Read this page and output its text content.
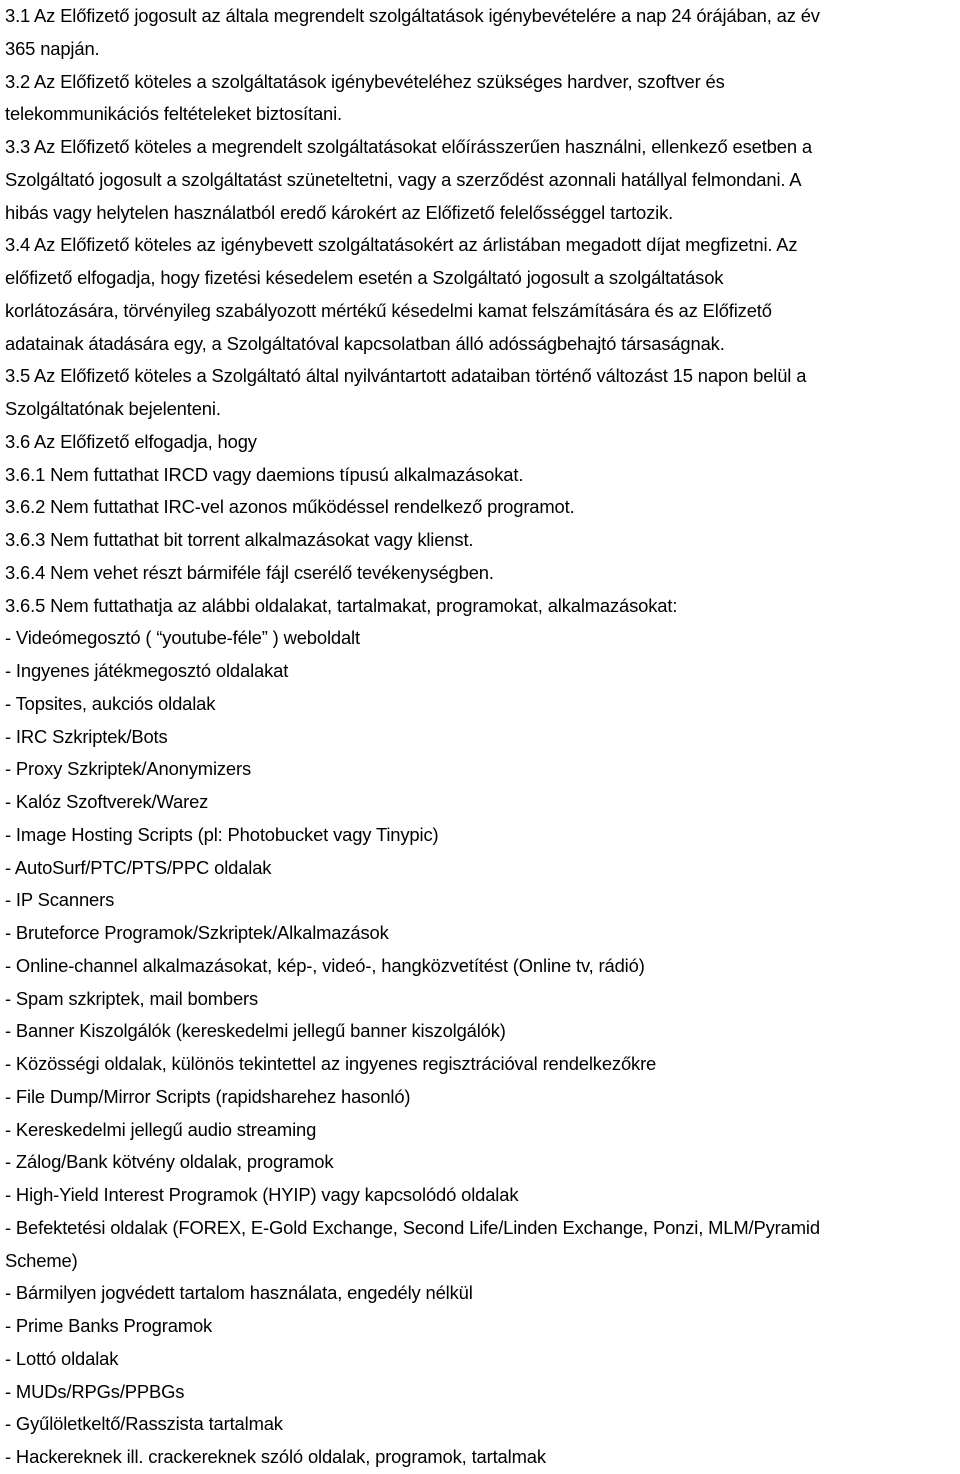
3.1 Az Előfizető jogosult az általa megrendelt szolgáltatások igénybevételére a nap 24 órájában, az év
365 napján.
3.2 Az Előfizető köteles a szolgáltatások igénybevételéhez szükséges hardver, szoftver és
telekommunikációs feltételeket biztosítani.
3.3 Az Előfizető köteles a megrendelt szolgáltatásokat előírásszerűen használni, ellenkező esetben a
Szolgáltató jogosult a szolgáltatást szüneteltetni, vagy a szerződést azonnali hatállyal felmondani. A
hibás vagy helytelen használatból eredő károkért az Előfizető felelősséggel tartozik.
3.4 Az Előfizető köteles az igénybevett szolgáltatásokért az árlistában megadott díjat megfizetni. Az
előfizető elfogadja, hogy fizetési késedelem esetén a Szolgáltató jogosult a szolgáltatások
korlátozására, törvényileg szabályozott mértékű késedelmi kamat felszámítására és az Előfizető
adatainak átadására egy, a Szolgáltatóval kapcsolatban álló adósságbehajtó társaságnak.
3.5 Az Előfizető köteles a Szolgáltató által nyilvántartott adataiban történő változást 15 napon belül a
Szolgáltatónak bejelenteni.
3.6 Az Előfizető elfogadja, hogy
3.6.1 Nem futtathat IRCD vagy daemions típusú alkalmazásokat.
3.6.2 Nem futtathat IRC-vel azonos működéssel rendelkező programot.
3.6.3 Nem futtathat bit torrent alkalmazásokat vagy klienst.
3.6.4 Nem vehet részt bármiféle fájl cserélő tevékenységben.
3.6.5 Nem futtathatja az alábbi oldalakat, tartalmakat, programokat, alkalmazásokat:
- Videómegosztó ( “youtube-féle” ) weboldalt
- Ingyenes játékmegosztó oldalakat
- Topsites, aukciós oldalak
- IRC Szkriptek/Bots
- Proxy Szkriptek/Anonymizers
- Kalóz Szoftverek/Warez
- Image Hosting Scripts (pl: Photobucket vagy Tinypic)
- AutoSurf/PTC/PTS/PPC oldalak
- IP Scanners
- Bruteforce Programok/Szkriptek/Alkalmazások
- Online-channel alkalmazásokat, kép-, videó-, hangközvetítést (Online tv, rádió)
- Spam szkriptek, mail bombers
- Banner Kiszolgálók (kereskedelmi jellegű banner kiszolgálók)
- Közösségi oldalak, különös tekintettel az ingyenes regisztrációval rendelkezőkre
- File Dump/Mirror Scripts (rapidsharehez hasonló)
- Kereskedelmi jellegű audio streaming
- Zálog/Bank kötvény oldalak, programok
- High-Yield Interest Programok (HYIP) vagy kapcsolódó oldalak
- Befektetési oldalak (FOREX, E-Gold Exchange, Second Life/Linden Exchange, Ponzi, MLM/Pyramid
Scheme)
- Bármilyen jogvédett tartalom használata, engedély nélkül
- Prime Banks Programok
- Lottó oldalak
- MUDs/RPGs/PPBGs
- Gyűlöletkeltő/Rasszista tartalmak
- Hackereknek ill. crackereknek szóló oldalak, programok, tartalmak
